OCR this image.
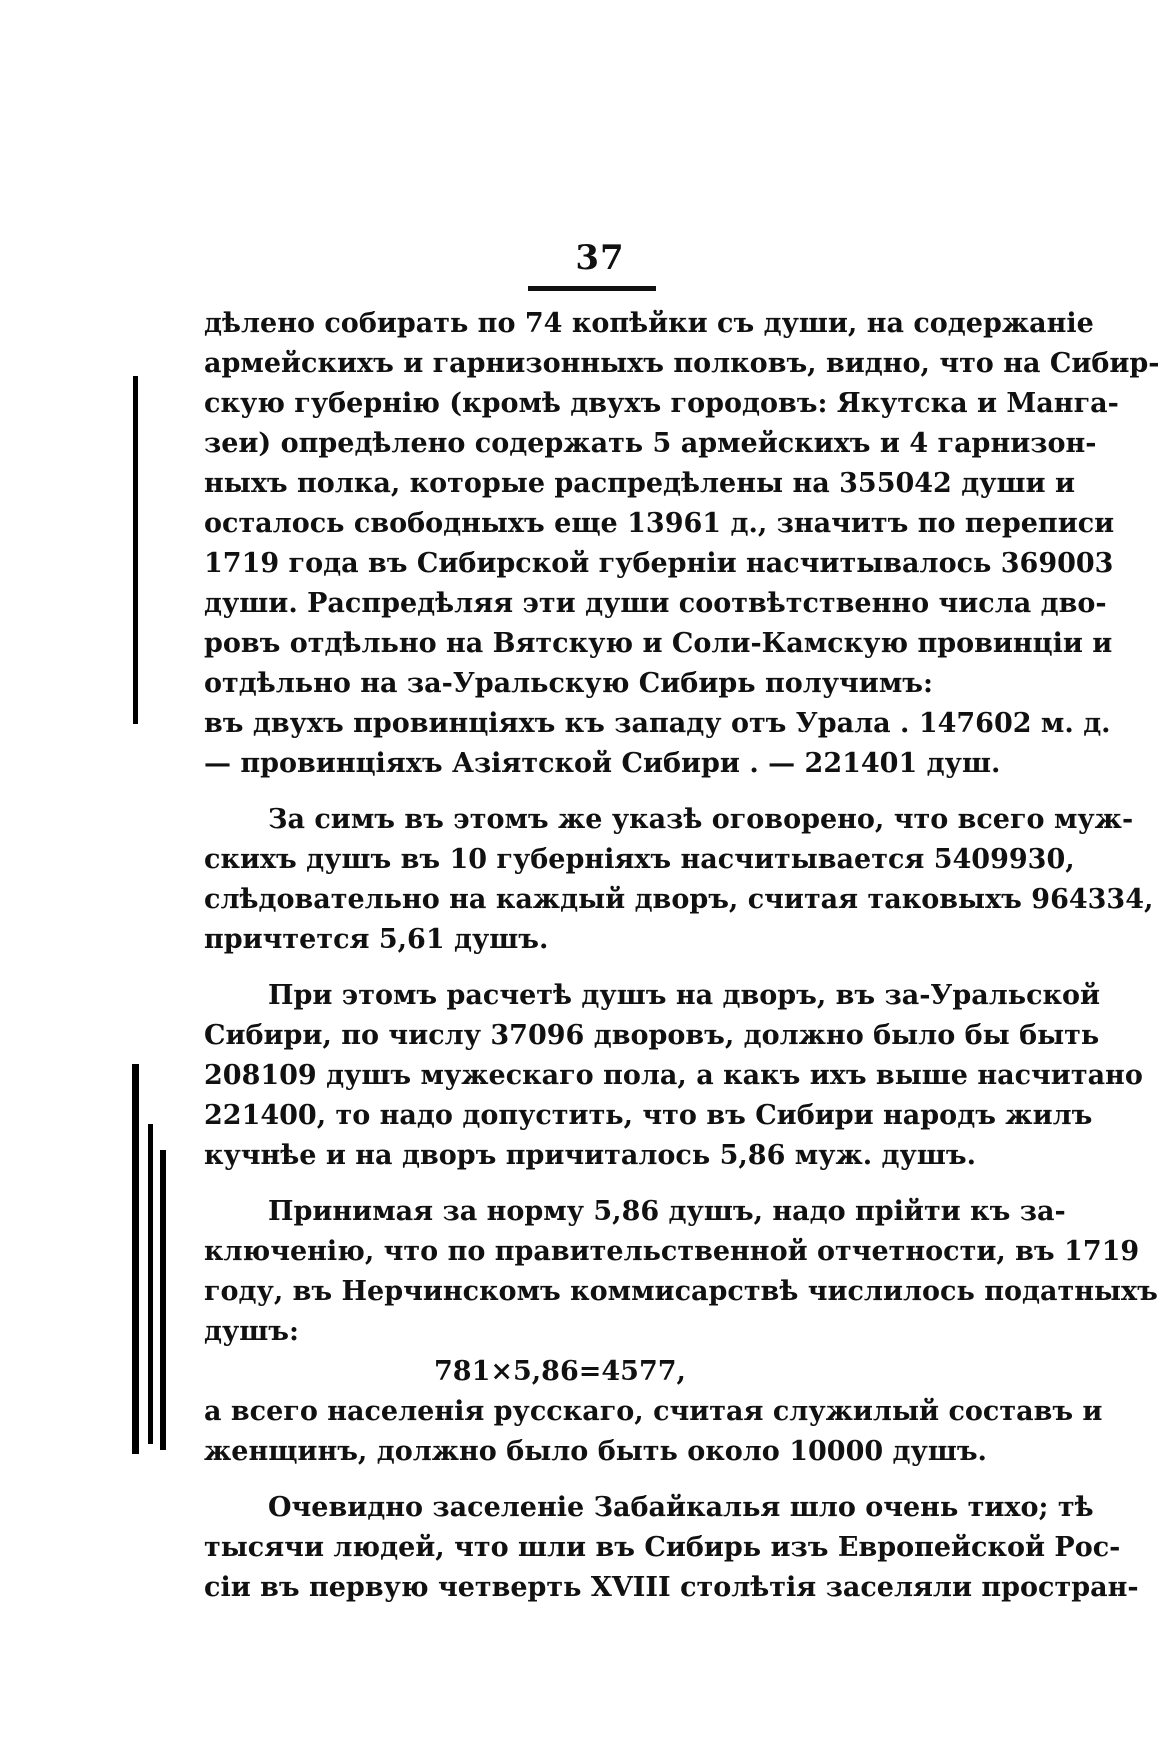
37
дѣлено собирать по 74 копѣйки съ души, на содержаніе
армейскихъ и гарнизонныхъ полковъ, видно, что на Сибир-
скую губернію (кромѣ двухъ городовъ: Якутска и Манга-
зеи) опредѣлено содержать 5 армейскихъ и 4 гарнизон-
ныхъ полка, которые распредѣлены на 355042 души и
осталось свободныхъ еще 13961 д., значитъ по переписи
1719 года въ Сибирской губерніи насчитывалось 369003
души. Распредѣляя эти души соотвѣтственно числа дво-
ровъ отдѣльно на Вятскую и Соли-Камскую провинціи и
отдѣльно на за-Уральскую Сибирь получимъ:
въ двухъ провинціяхъ къ западу отъ Урала . 147602 м. д.
— провинціяхъ Азіятской Сибири . — 221401 душ.
За симъ въ этомъ же указѣ оговорено, что всего муж-
скихъ душъ въ 10 губерніяхъ насчитывается 5409930,
слѣдовательно на каждый дворъ, считая таковыхъ 964334,
причтется 5,61 душъ.
При этомъ расчетѣ душъ на дворъ, въ за-Уральской
Сибири, по числу 37096 дворовъ, должно было бы быть
208109 душъ мужескаго пола, а какъ ихъ выше насчитано
221400, то надо допустить, что въ Сибири народъ жилъ
кучнѣе и на дворъ причиталось 5,86 муж. душъ.
Принимая за норму 5,86 душъ, надо прійти къ за-
ключенію, что по правительственной отчетности, въ 1719
году, въ Нерчинскомъ коммисарствѣ числилось податныхъ
душъ:
781×5,86=4577,
а всего населенія русскаго, считая служилый составъ и
женщинъ, должно было быть около 10000 душъ.
Очевидно заселеніе Забайкалья шло очень тихо; тѣ
тысячи людей, что шли въ Сибирь изъ Европейской Рос-
сіи въ первую четверть XVIII столѣтія заселяли простран-
